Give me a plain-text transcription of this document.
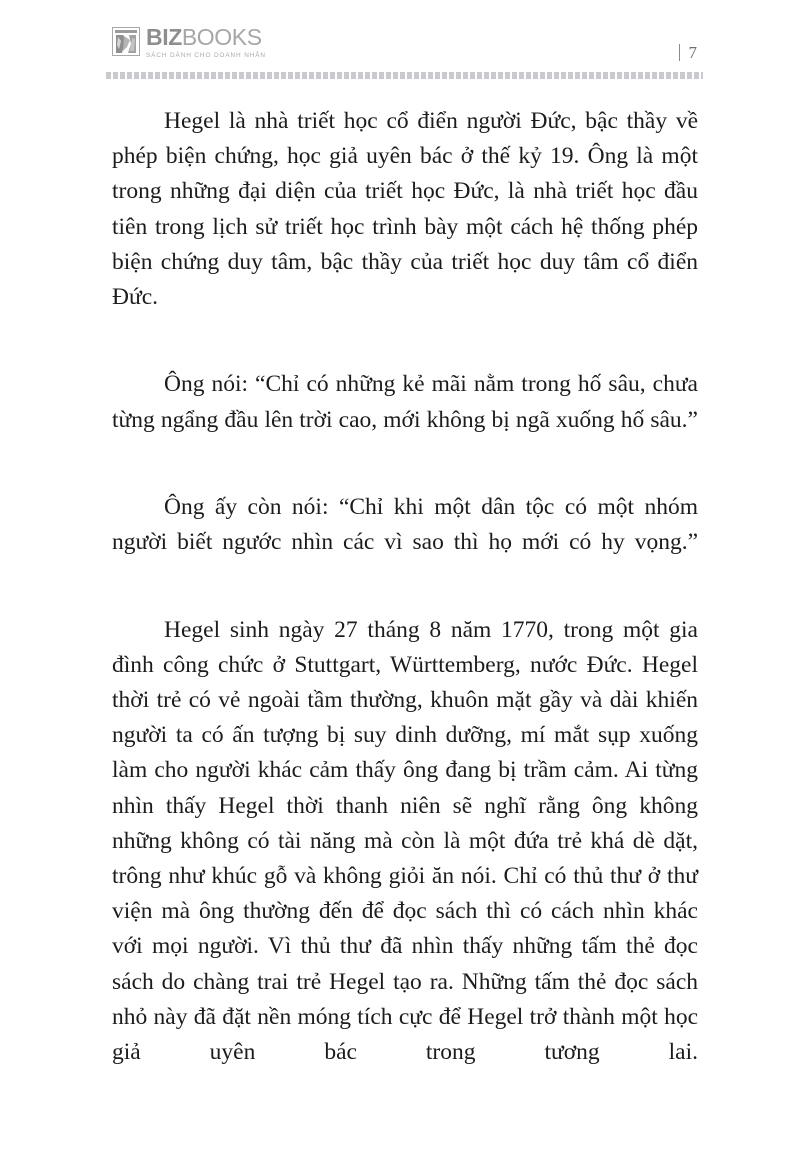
BIZBOOKS
SÁCH DÀNH CHO DOANH NHÂN	7

Hegel là nhà triết học cổ điển người Đức, bậc thầy về phép biện chứng, học giả uyên bác ở thế kỷ 19. Ông là một trong những đại diện của triết học Đức, là nhà triết học đầu tiên trong lịch sử triết học trình bày một cách hệ thống phép biện chứng duy tâm, bậc thầy của triết học duy tâm cổ điển Đức.

Ông nói: “Chỉ có những kẻ mãi nằm trong hố sâu, chưa từng ngẩng đầu lên trời cao, mới không bị ngã xuống hố sâu.”

Ông ấy còn nói: “Chỉ khi một dân tộc có một nhóm người biết ngước nhìn các vì sao thì họ mới có hy vọng.”

Hegel sinh ngày 27 tháng 8 năm 1770, trong một gia đình công chức ở Stuttgart, Württemberg, nước Đức. Hegel thời trẻ có vẻ ngoài tầm thường, khuôn mặt gầy và dài khiến người ta có ấn tượng bị suy dinh dưỡng, mí mắt sụp xuống làm cho người khác cảm thấy ông đang bị trầm cảm. Ai từng nhìn thấy Hegel thời thanh niên sẽ nghĩ rằng ông không những không có tài năng mà còn là một đứa trẻ khá dè dặt, trông như khúc gỗ và không giỏi ăn nói. Chỉ có thủ thư ở thư viện mà ông thường đến để đọc sách thì có cách nhìn khác với mọi người. Vì thủ thư đã nhìn thấy những tấm thẻ đọc sách do chàng trai trẻ Hegel tạo ra. Những tấm thẻ đọc sách nhỏ này đã đặt nền móng tích cực để Hegel trở thành một học giả uyên bác trong tương lai.
